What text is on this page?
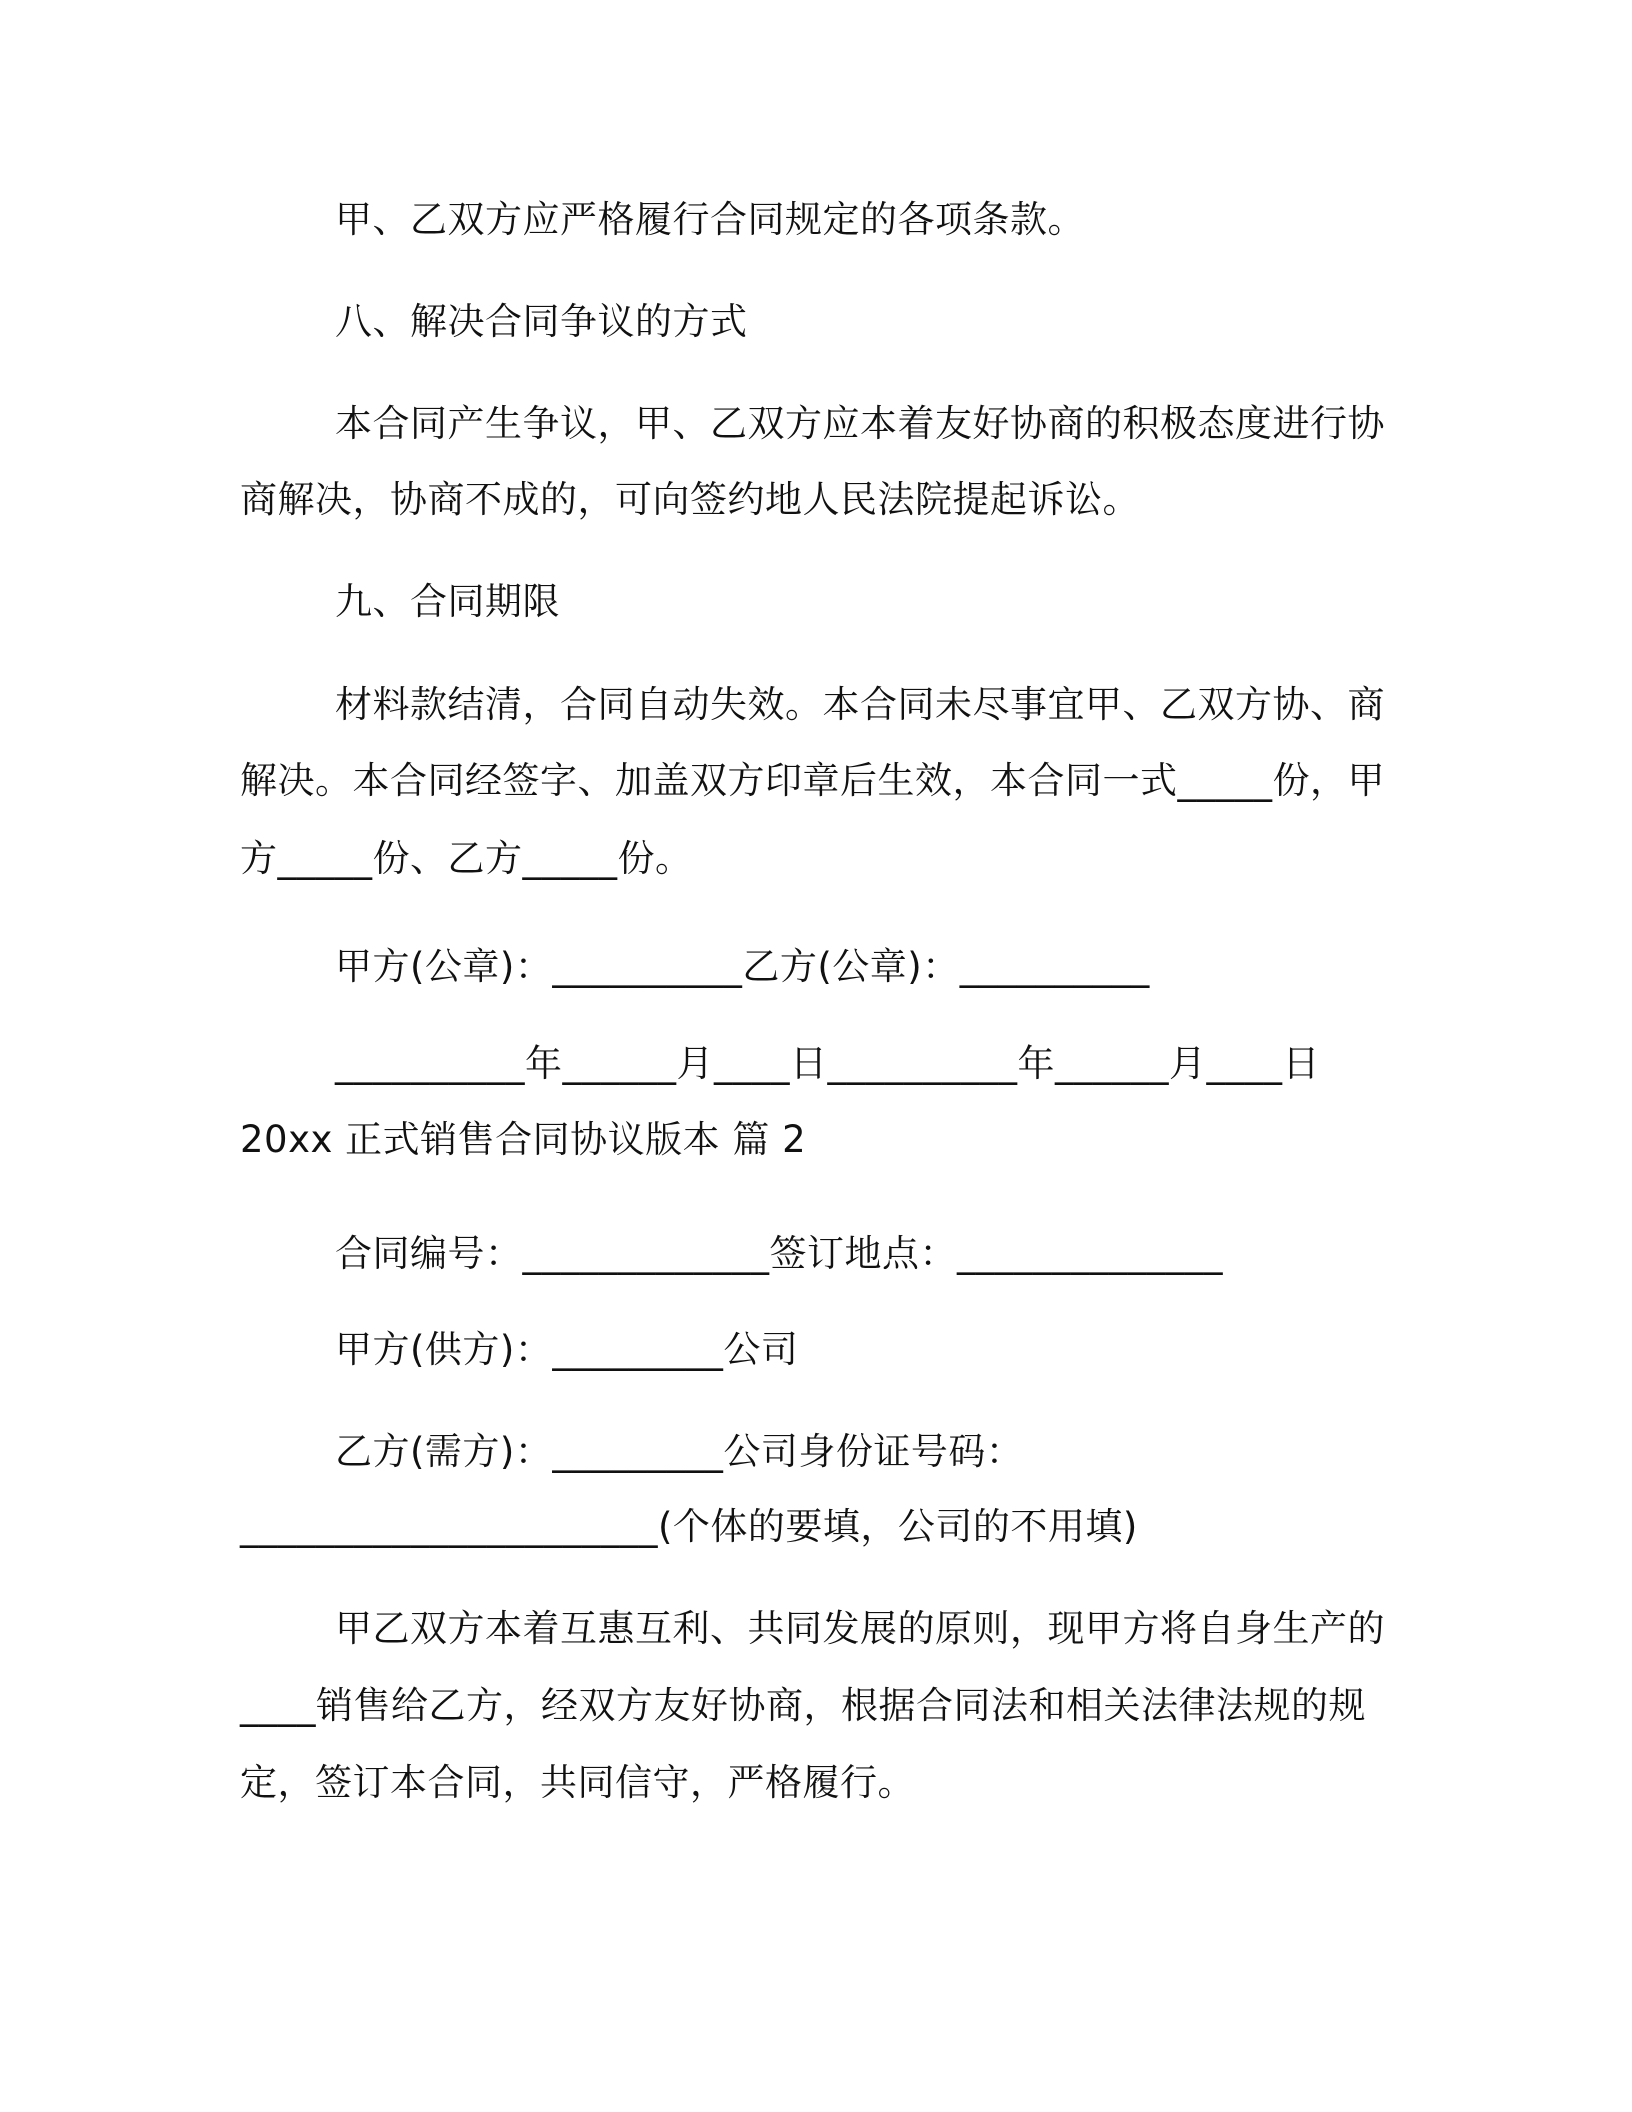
甲、乙双方应严格履行合同规定的各项条款。
八、解决合同争议的方式
本合同产生争议，甲、乙双方应本着友好协商的积极态度进行协
商解决，协商不成的，可向签约地人民法院提起诉讼。
九、合同期限
材料款结清，合同自动失效。本合同未尽事宜甲、乙双方协、商
解决。本合同经签字、加盖双方印章后生效，本合同一式_____份，甲
方_____份、乙方_____份。
甲方(公章)：__________乙方(公章)：__________
__________年______月____日__________年______月____日
20xx 正式销售合同协议版本 篇 2
合同编号：_____________签订地点：______________
甲方(供方)：_________公司
乙方(需方)：_________公司身份证号码：
______________________(个体的要填，公司的不用填)
甲乙双方本着互惠互利、共同发展的原则，现甲方将自身生产的
____销售给乙方，经双方友好协商，根据合同法和相关法律法规的规
定，签订本合同，共同信守，严格履行。
